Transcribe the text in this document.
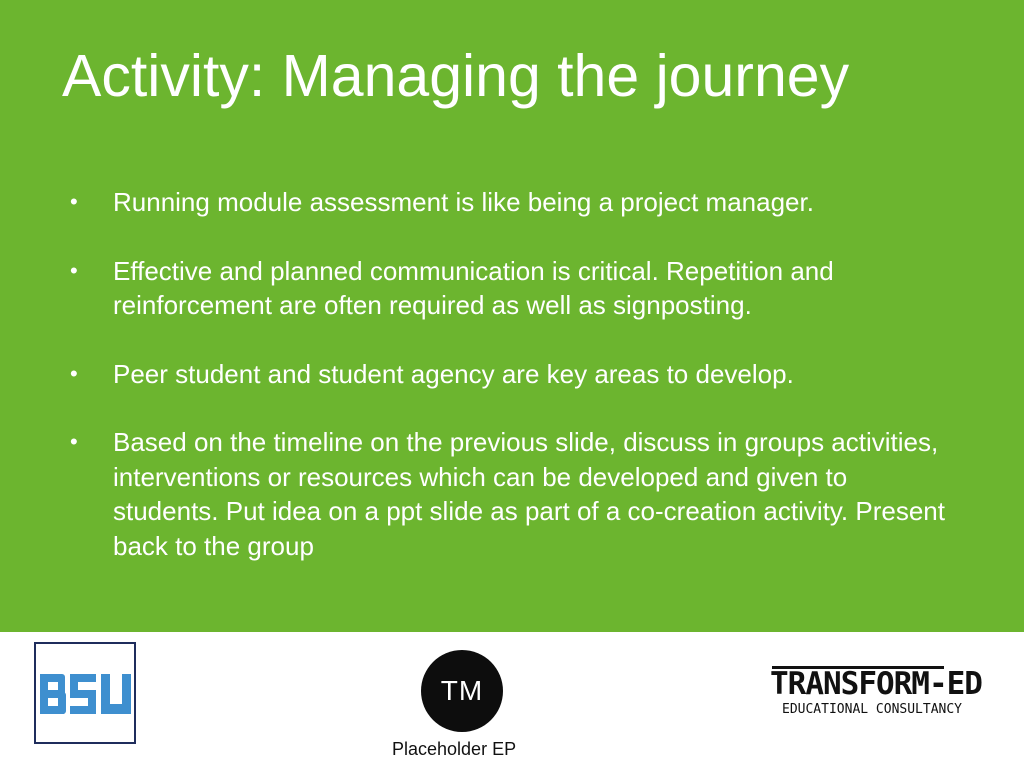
Activity: Managing the journey
• Running module assessment is like being a project manager.
• Effective and planned communication is critical. Repetition and reinforcement are often required as well as signposting.
• Peer student and student agency are key areas to develop.
• Based on the timeline on the previous slide, discuss in groups activities, interventions or resources which can be developed and given to students. Put idea on a ppt slide as part of a co-creation activity. Present back to the group
BSU
TM
Placeholder EP
TRANSFORM-ED
EDUCATIONAL CONSULTANCY
